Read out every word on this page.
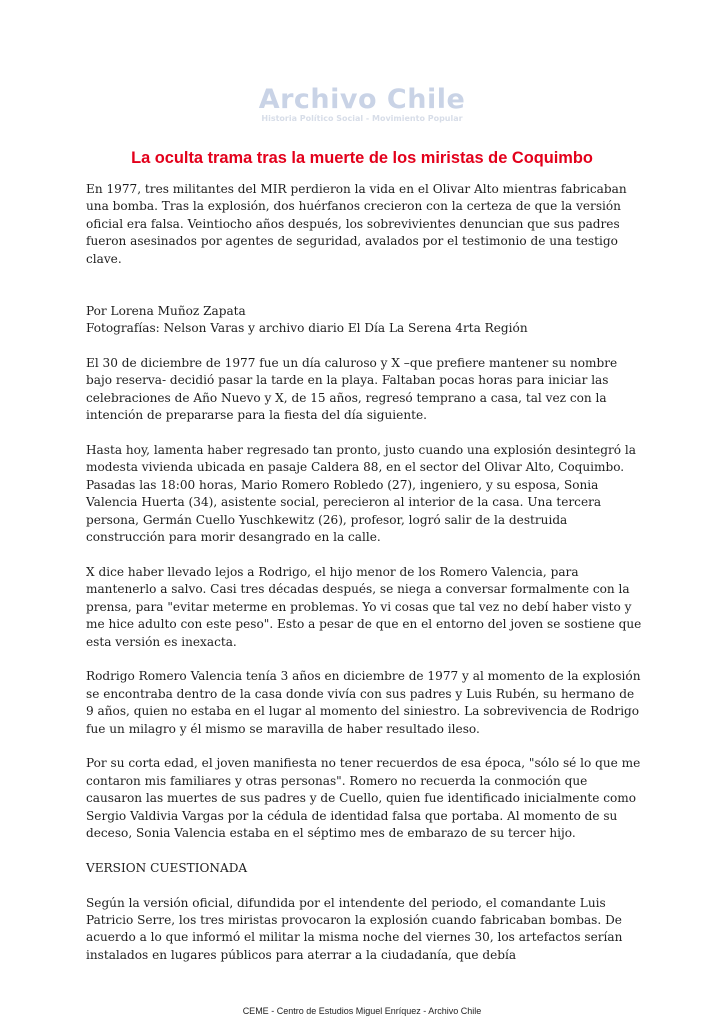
Archivo Chile
Historia Político Social - Movimiento Popular
La oculta trama tras la muerte de los miristas de Coquimbo

En 1977, tres militantes del MIR perdieron la vida en el Olivar Alto mientras fabricaban una bomba. Tras la explosión, dos huérfanos crecieron con la certeza de que la versión oficial era falsa. Veintiocho años después, los sobrevivientes denuncian que sus padres fueron asesinados por agentes de seguridad, avalados por el testimonio de una testigo clave.

Por Lorena Muñoz Zapata
Fotografías: Nelson Varas y archivo diario El Día La Serena 4rta Región

El 30 de diciembre de 1977 fue un día caluroso y X –que prefiere mantener su nombre bajo reserva- decidió pasar la tarde en la playa. Faltaban pocas horas para iniciar las celebraciones de Año Nuevo y X, de 15 años, regresó temprano a casa, tal vez con la intención de prepararse para la fiesta del día siguiente.

Hasta hoy, lamenta haber regresado tan pronto, justo cuando una explosión desintegró la modesta vivienda ubicada en pasaje Caldera 88, en el sector del Olivar Alto, Coquimbo. Pasadas las 18:00 horas, Mario Romero Robledo (27), ingeniero, y su esposa, Sonia Valencia Huerta (34), asistente social, perecieron al interior de la casa. Una tercera persona, Germán Cuello Yuschkewitz (26), profesor, logró salir de la destruida construcción para morir desangrado en la calle.

X dice haber llevado lejos a Rodrigo, el hijo menor de los Romero Valencia, para mantenerlo a salvo. Casi tres décadas después, se niega a conversar formalmente con la prensa, para "evitar meterme en problemas. Yo vi cosas que tal vez no debí haber visto y me hice adulto con este peso". Esto a pesar de que en el entorno del joven se sostiene que esta versión es inexacta.

Rodrigo Romero Valencia tenía 3 años en diciembre de 1977 y al momento de la explosión se encontraba dentro de la casa donde vivía con sus padres y Luis Rubén, su hermano de 9 años, quien no estaba en el lugar al momento del siniestro. La sobrevivencia de Rodrigo fue un milagro y él mismo se maravilla de haber resultado ileso.

Por su corta edad, el joven manifiesta no tener recuerdos de esa época, "sólo sé lo que me contaron mis familiares y otras personas". Romero no recuerda la conmoción que causaron las muertes de sus padres y de Cuello, quien fue identificado inicialmente como Sergio Valdivia Vargas por la cédula de identidad falsa que portaba. Al momento de su deceso, Sonia Valencia estaba en el séptimo mes de embarazo de su tercer hijo.

VERSION CUESTIONADA

Según la versión oficial, difundida por el intendente del periodo, el comandante Luis Patricio Serre, los tres miristas provocaron la explosión cuando fabricaban bombas. De acuerdo a lo que informó el militar la misma noche del viernes 30, los artefactos serían instalados en lugares públicos para aterrar a la ciudadanía, que debía

CEME - Centro de Estudios Miguel Enríquez - Archivo Chile
